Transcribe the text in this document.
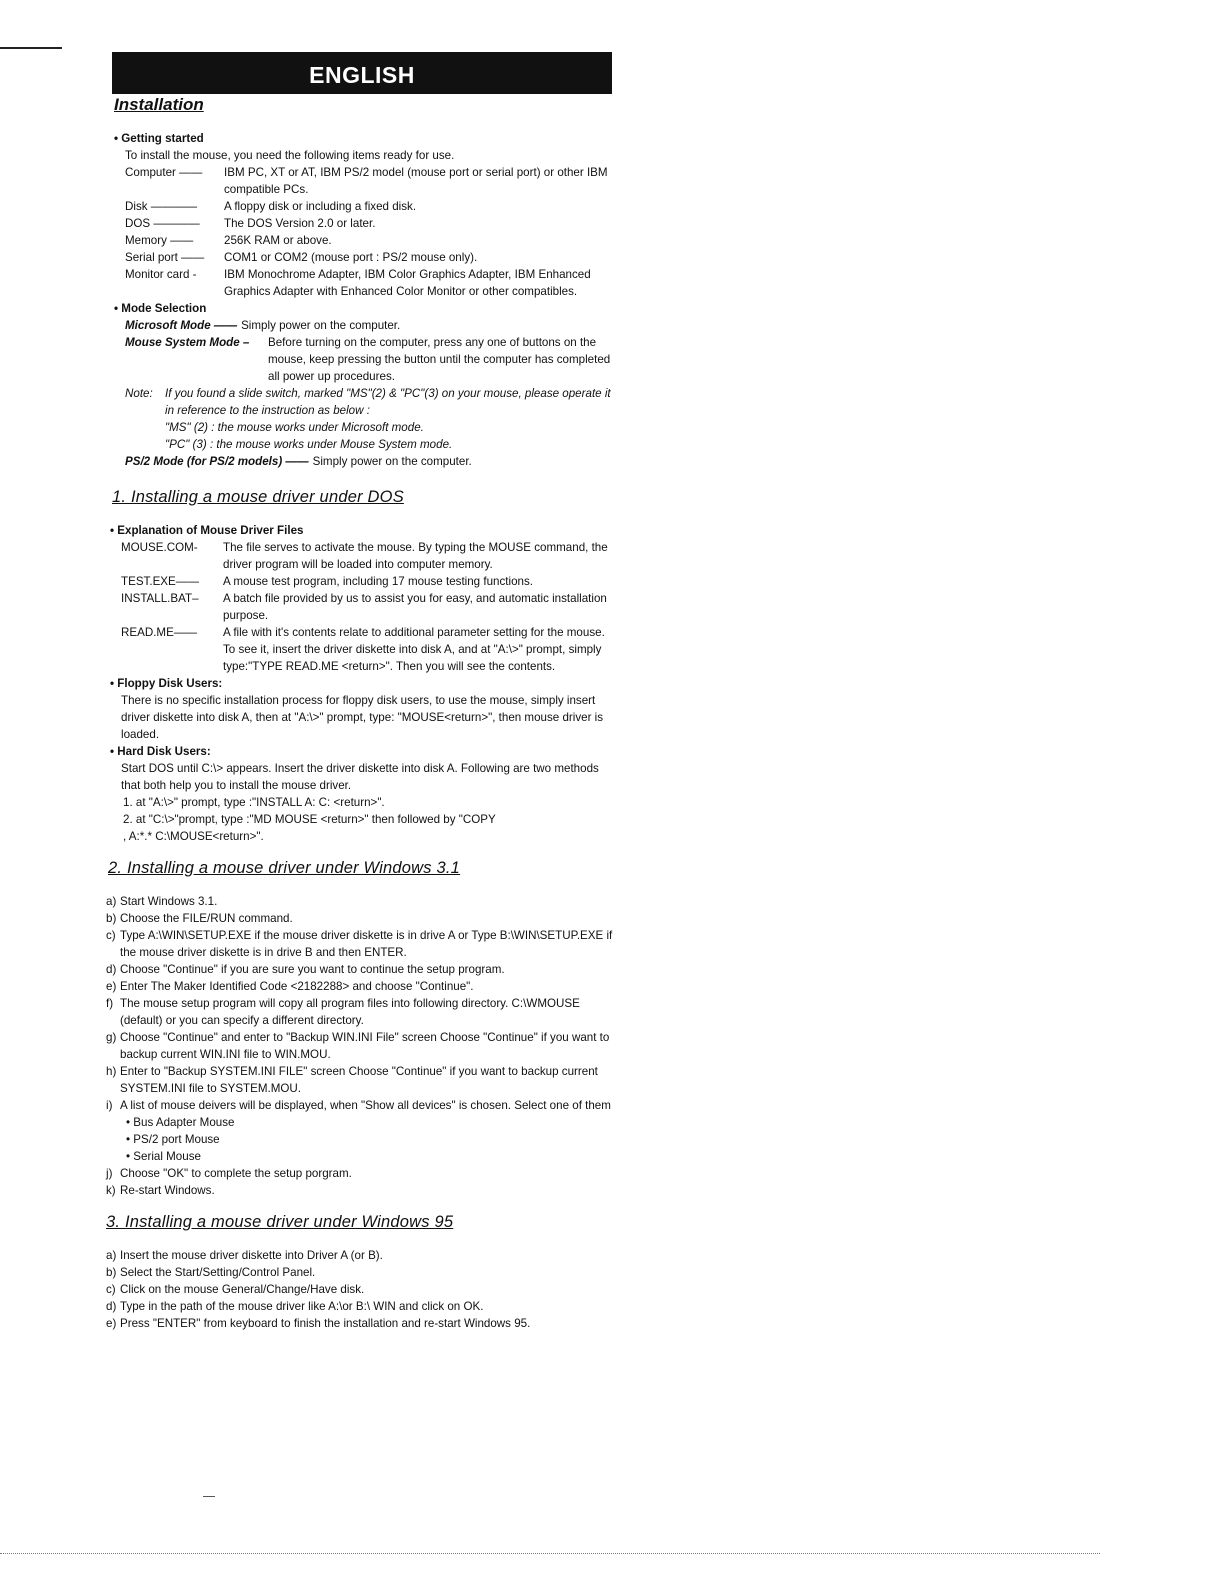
ENGLISH
Installation
• Getting started
To install the mouse, you need the following items ready for use.
Computer ——	IBM PC, XT or AT, IBM PS/2 model (mouse port or serial port) or other IBM compatible PCs.
Disk ————	A floppy disk or including a fixed disk.
DOS ————	The DOS Version 2.0 or later.
Memory ——	256K RAM or above.
Serial port ——	COM1 or COM2 (mouse port : PS/2 mouse only).
Monitor card -	IBM Monochrome Adapter, IBM Color Graphics Adapter, IBM Enhanced Graphics Adapter with Enhanced Color Monitor or other compatibles.
• Mode Selection
Microsoft Mode —— Simply power on the computer.
Mouse System Mode –	Before turning on the computer, press any one of buttons on the mouse, keep pressing the button until the computer has completed all power up procedures.
Note:	If you found a slide switch, marked "MS"(2) & "PC"(3) on your mouse, please operate it in reference to the instruction as below :
"MS" (2) : the mouse works under Microsoft mode.
"PC" (3) : the mouse works under Mouse System mode.
PS/2 Mode (for PS/2 models) —— Simply power on the computer.
1. Installing a mouse driver under DOS
• Explanation of Mouse Driver Files
MOUSE.COM-	The file serves to activate the mouse. By typing the MOUSE command, the driver program will be loaded into computer memory.
TEST.EXE——	A mouse test program, including 17 mouse testing functions.
INSTALL.BAT–	A batch file provided by us to assist you for easy, and automatic installation purpose.
READ.ME——	A file with it's contents relate to additional parameter setting for the mouse. To see it, insert the driver diskette into disk A, and at "A:\>" prompt, simply type:"TYPE READ.ME <return>". Then you will see the contents.
• Floppy Disk Users:
There is no specific installation process for floppy disk users, to use the mouse, simply insert driver diskette into disk A, then at "A:\>" prompt, type: "MOUSE<return>", then mouse driver is loaded.
• Hard Disk Users:
Start DOS until C:\> appears. Insert the driver diskette into disk A. Following are two methods that both help you to install the mouse driver.
1. at "A:\>" prompt, type :"INSTALL A: C: <return>".
2. at "C:\>"prompt, type :"MD MOUSE <return>" then followed by "COPY
, A:*.* C:\MOUSE<return>".
2. Installing a mouse driver under Windows 3.1
a) Start Windows 3.1.
b) Choose the FILE/RUN command.
c) Type A:\WIN\SETUP.EXE if the mouse driver diskette is in drive A or Type B:\WIN\SETUP.EXE if the mouse driver diskette is in drive B and then ENTER.
d) Choose "Continue" if you are sure you want to continue the setup program.
e) Enter The Maker Identified Code <2182288> and choose "Continue".
f) The mouse setup program will copy all program files into following directory. C:\WMOUSE (default) or you can specify a different directory.
g) Choose "Continue" and enter to "Backup WIN.INI File" screen Choose "Continue" if you want to backup current WIN.INI file to WIN.MOU.
h) Enter to "Backup SYSTEM.INI FILE" screen Choose "Continue" if you want to backup current SYSTEM.INI file to SYSTEM.MOU.
i) A list of mouse deivers will be displayed, when "Show all devices" is chosen. Select one of them
• Bus Adapter Mouse
• PS/2 port Mouse
• Serial Mouse
j) Choose "OK" to complete the setup porgram.
k) Re-start Windows.
3. Installing a mouse driver under Windows 95
a) Insert the mouse driver diskette into Driver A (or B).
b) Select the Start/Setting/Control Panel.
c) Click on the mouse General/Change/Have disk.
d) Type in the path of the mouse driver like A:\or B:\ WIN and click on OK.
e) Press "ENTER" from keyboard to finish the installation and re-start Windows 95.
